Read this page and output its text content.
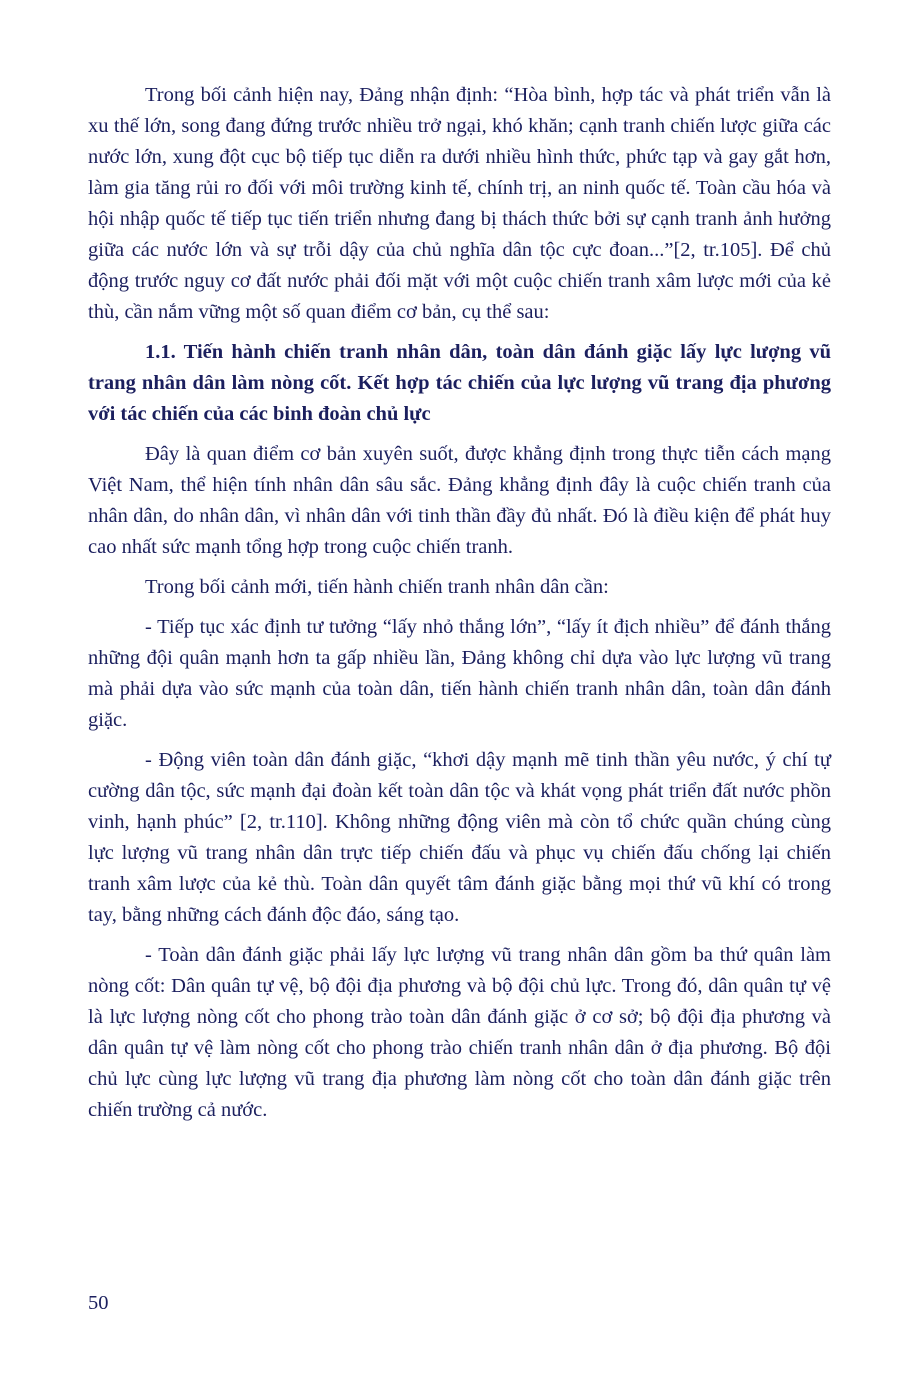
Trong bối cảnh hiện nay, Đảng nhận định: “Hòa bình, hợp tác và phát triển vẫn là xu thế lớn, song đang đứng trước nhiều trở ngại, khó khăn; cạnh tranh chiến lược giữa các nước lớn, xung đột cục bộ tiếp tục diễn ra dưới nhiều hình thức, phức tạp và gay gắt hơn, làm gia tăng rủi ro đối với môi trường kinh tế, chính trị, an ninh quốc tế. Toàn cầu hóa và hội nhập quốc tế tiếp tục tiến triển nhưng đang bị thách thức bởi sự cạnh tranh ảnh hưởng giữa các nước lớn và sự trỗi dậy của chủ nghĩa dân tộc cực đoan...”[2, tr.105]. Để chủ động trước nguy cơ đất nước phải đối mặt với một cuộc chiến tranh xâm lược mới của kẻ thù, cần nắm vững một số quan điểm cơ bản, cụ thể sau:

1.1. Tiến hành chiến tranh nhân dân, toàn dân đánh giặc lấy lực lượng vũ trang nhân dân làm nòng cốt. Kết hợp tác chiến của lực lượng vũ trang địa phương với tác chiến của các binh đoàn chủ lực

Đây là quan điểm cơ bản xuyên suốt, được khẳng định trong thực tiễn cách mạng Việt Nam, thể hiện tính nhân dân sâu sắc. Đảng khẳng định đây là cuộc chiến tranh của nhân dân, do nhân dân, vì nhân dân với tinh thần đầy đủ nhất. Đó là điều kiện để phát huy cao nhất sức mạnh tổng hợp trong cuộc chiến tranh.

Trong bối cảnh mới, tiến hành chiến tranh nhân dân cần:

- Tiếp tục xác định tư tưởng “lấy nhỏ thắng lớn”, “lấy ít địch nhiều” để đánh thắng những đội quân mạnh hơn ta gấp nhiều lần, Đảng không chỉ dựa vào lực lượng vũ trang mà phải dựa vào sức mạnh của toàn dân, tiến hành chiến tranh nhân dân, toàn dân đánh giặc.

- Động viên toàn dân đánh giặc, “khơi dậy mạnh mẽ tinh thần yêu nước, ý chí tự cường dân tộc, sức mạnh đại đoàn kết toàn dân tộc và khát vọng phát triển đất nước phồn vinh, hạnh phúc” [2, tr.110]. Không những động viên mà còn tổ chức quần chúng cùng lực lượng vũ trang nhân dân trực tiếp chiến đấu và phục vụ chiến đấu chống lại chiến tranh xâm lược của kẻ thù. Toàn dân quyết tâm đánh giặc bằng mọi thứ vũ khí có trong tay, bằng những cách đánh độc đáo, sáng tạo.

- Toàn dân đánh giặc phải lấy lực lượng vũ trang nhân dân gồm ba thứ quân làm nòng cốt: Dân quân tự vệ, bộ đội địa phương và bộ đội chủ lực. Trong đó, dân quân tự vệ là lực lượng nòng cốt cho phong trào toàn dân đánh giặc ở cơ sở; bộ đội địa phương và dân quân tự vệ làm nòng cốt cho phong trào chiến tranh nhân dân ở địa phương. Bộ đội chủ lực cùng lực lượng vũ trang địa phương làm nòng cốt cho toàn dân đánh giặc trên chiến trường cả nước.

50
